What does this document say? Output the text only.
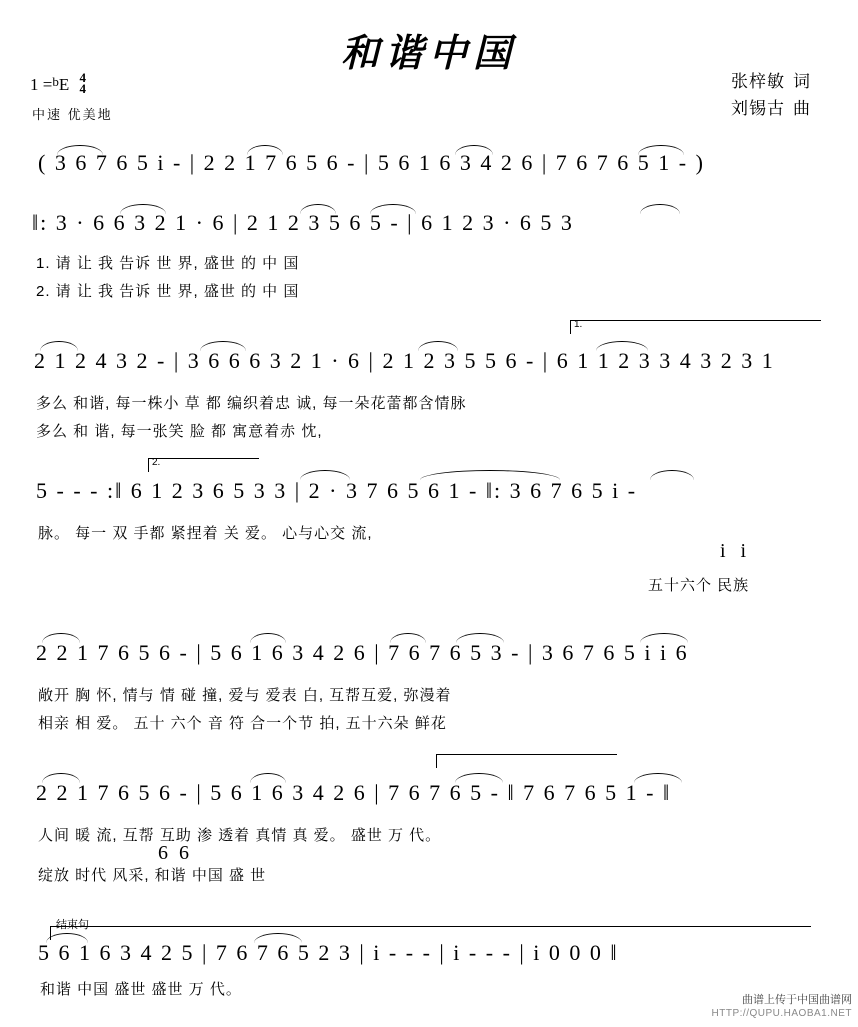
和谐中国
张梓敏 词
刘锡古 曲
1 =$^b$E 4
4
中速 优美地
( 3 6 7 6 5 i - | 2 2 1 7 6 5 6 - | 5 6 1 6 3 4 2 6 | 7 6 7 6 5 1 - )
‖: 3 · 6 6 3 2 1 · 6 | 2 1 2 3 5 6 5 - | 6 1 2 3 · 6 5 3
1. 请 让 我 告诉 世 界, 盛世 的 中 国
2. 请 让 我 告诉 世 界, 盛世 的 中 国
2 1 2 4 3 2 - | 3 6 6 6 3 2 1 · 6 | 2 1 2 3 5 5 6 - | 6 1 1 2 3 3 4 3 2 3 1
1.
多么 和谐, 每一株小 草 都 编织着忠 诚, 每一朵花蕾都含情脉
多么 和 谐, 每一张笑 脸 都 寓意着赤 忱,
5 - - - :‖ 6 1 2 3 6 5 3 3 | 2 · 3 7 6 5 6 1 - ‖: 3 6 7 6 5 i -
2.
脉。 每一 双 手都 紧捏着 关 爱。 心与心交 流,
i i
五十六个 民族
2 2 1 7 6 5 6 - | 5 6 1 6 3 4 2 6 | 7 6 7 6 5 3 - | 3 6 7 6 5 i i 6
敞开 胸 怀, 情与 情 碰 撞, 爱与 爱表 白, 互帮互爱, 弥漫着
相亲 相 爱。 五十 六个 音 符 合一个节 拍, 五十六朵 鲜花
2 2 1 7 6 5 6 - | 5 6 1 6 3 4 2 6 | 7 6 7 6 5 - ‖ 7 6 7 6 5 1 - ‖
人间 暖 流, 互帮 互助 渗 透着 真情 真 爱。 盛世 万 代。
6 6
绽放 时代 风采, 和谐 中国 盛 世
结束句
5 6 1 6 3 4 2 5 | 7 6 7 6 5 2 3 | i - - - | i - - - | i 0 0 0 ‖
和谐 中国 盛世 盛世 万 代。
曲谱上传于中国曲谱网
HTTP://QUPU.HAOBA1.NET
